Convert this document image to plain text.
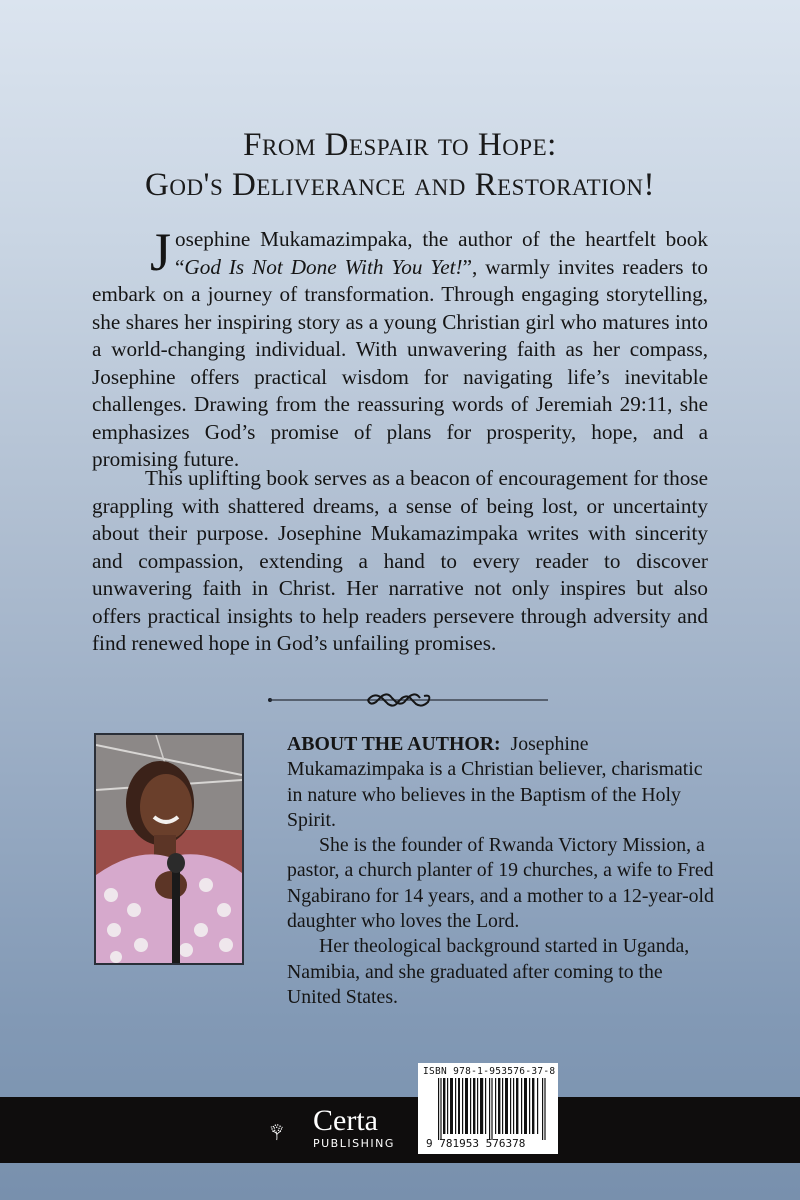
From Despair to Hope:
God's Deliverance and Restoration!
Josephine Mukamazimpaka, the author of the heartfelt book “God Is Not Done With You Yet!”, warmly invites readers to embark on a journey of transformation. Through engaging storytelling, she shares her inspiring story as a young Christian girl who matures into a world-changing individual. With unwavering faith as her compass, Josephine offers practical wisdom for navigating life’s inevitable challenges. Drawing from the reassuring words of Jeremiah 29:11, she emphasizes God’s promise of plans for prosperity, hope, and a promising future.
This uplifting book serves as a beacon of encouragement for those grappling with shattered dreams, a sense of being lost, or uncertainty about their purpose. Josephine Mukamazimpaka writes with sincerity and compassion, extending a hand to every reader to discover unwavering faith in Christ. Her narrative not only inspires but also offers practical insights to help readers persevere through adversity and find renewed hope in God’s unfailing promises.

ABOUT THE AUTHOR: Josephine Mukamazimpaka is a Christian believer, charismatic in nature who believes in the Baptism of the Holy Spirit.

She is the founder of Rwanda Victory Mission, a pastor, a church planter of 19 churches, a wife to Fred Ngabirano for 14 years, and a mother to a 12-year-old daughter who loves the Lord.

Her theological background started in Uganda, Namibia, and she graduated after coming to the United States.

Certa
PUBLISHING
ISBN 978-1-953576-37-8
9 781953 576378
